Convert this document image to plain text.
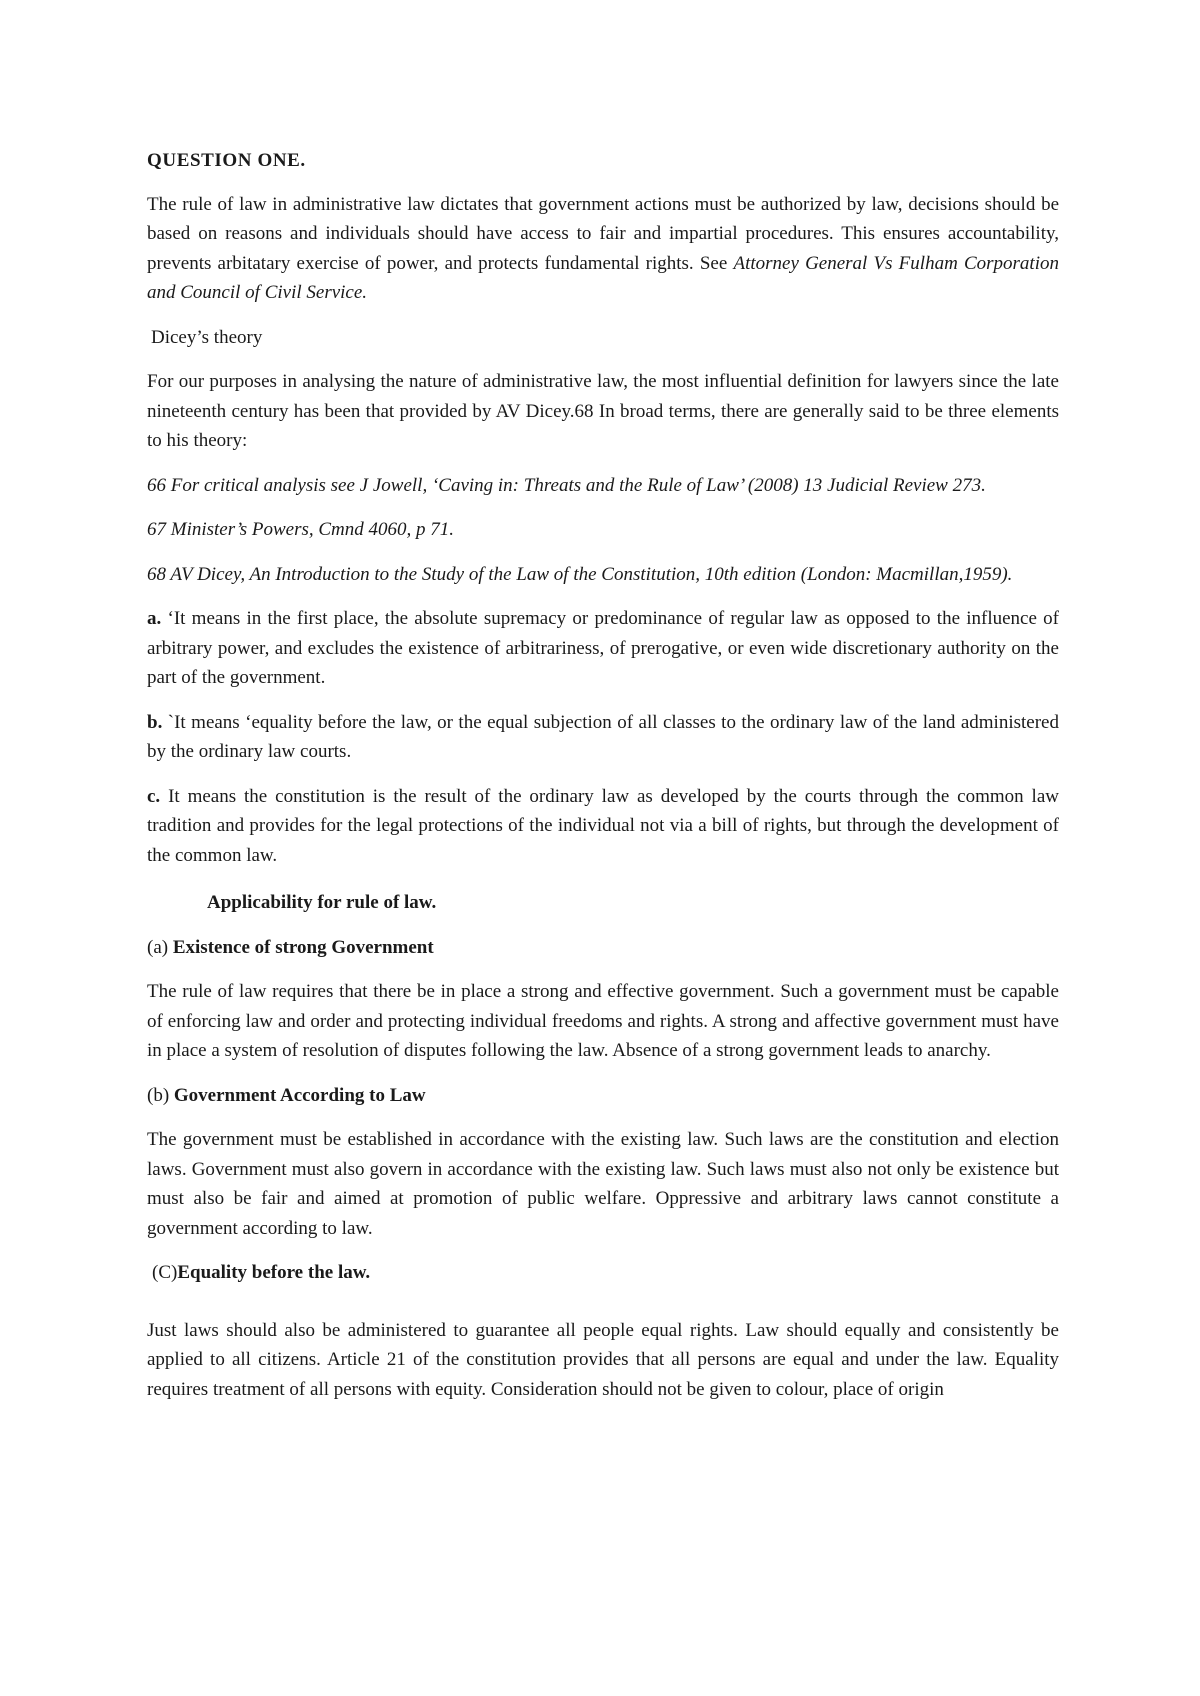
QUESTION ONE.

The rule of law in administrative law dictates that government actions must be authorized by law, decisions should be based on reasons and individuals should have access to fair and impartial procedures. This ensures accountability, prevents arbitatary exercise of power, and protects fundamental rights. See Attorney General Vs Fulham Corporation and Council of Civil Service.

Dicey’s theory

For our purposes in analysing the nature of administrative law, the most influential definition for lawyers since the late nineteenth century has been that provided by AV Dicey.68 In broad terms, there are generally said to be three elements to his theory:

66 For critical analysis see J Jowell, ‘Caving in: Threats and the Rule of Law’ (2008) 13 Judicial Review 273.

67 Minister’s Powers, Cmnd 4060, p 71.

68 AV Dicey, An Introduction to the Study of the Law of the Constitution, 10th edition (London: Macmillan,1959).

a. ‘It means in the first place, the absolute supremacy or predominance of regular law as opposed to the influence of arbitrary power, and excludes the existence of arbitrariness, of prerogative, or even wide discretionary authority on the part of the government.

b. `It means ‘equality before the law, or the equal subjection of all classes to the ordinary law of the land administered by the ordinary law courts.

c. It means the constitution is the result of the ordinary law as developed by the courts through the common law tradition and provides for the legal protections of the individual not via a bill of rights, but through the development of the common law.

Applicability for rule of law.

(a) Existence of strong Government

The rule of law requires that there be in place a strong and effective government. Such a government must be capable of enforcing law and order and protecting individual freedoms and rights. A strong and affective government must have in place a system of resolution of disputes following the law. Absence of a strong government leads to anarchy.

(b) Government According to Law

The government must be established in accordance with the existing law. Such laws are the constitution and election laws. Government must also govern in accordance with the existing law. Such laws must also not only be existence but must also be fair and aimed at promotion of public welfare. Oppressive and arbitrary laws cannot constitute a government according to law.

(C)Equality before the law.

Just laws should also be administered to guarantee all people equal rights. Law should equally and consistently be applied to all citizens. Article 21 of the constitution provides that all persons are equal and under the law. Equality requires treatment of all persons with equity. Consideration should not be given to colour, place of origin
